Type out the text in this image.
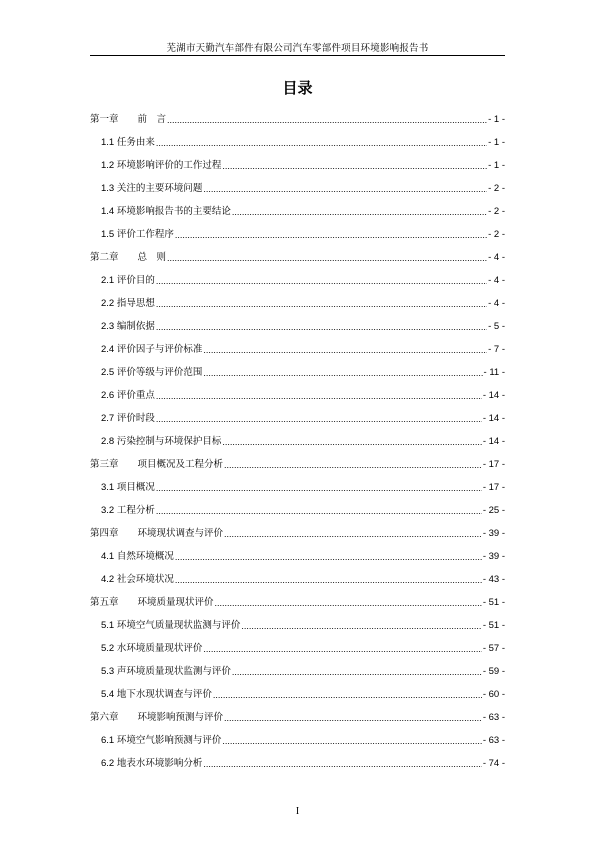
芜湖市天勤汽车部件有限公司汽车零部件项目环境影响报告书
目录
第一章　　前　言 .....	- 1 -
1.1 任务由来 .....	- 1 -
1.2 环境影响评价的工作过程 .....	- 1 -
1.3 关注的主要环境问题 .....	- 2 -
1.4 环境影响报告书的主要结论 .....	- 2 -
1.5 评价工作程序 .....	- 2 -
第二章　　总　则 .....	- 4 -
2.1 评价目的 .....	- 4 -
2.2 指导思想 .....	- 4 -
2.3 编制依据 .....	- 5 -
2.4 评价因子与评价标准 .....	- 7 -
2.5 评价等级与评价范围 .....	- 11 -
2.6 评价重点 .....	- 14 -
2.7 评价时段 .....	- 14 -
2.8 污染控制与环境保护目标 .....	- 14 -
第三章　　项目概况及工程分析 .....	- 17 -
3.1 项目概况 .....	- 17 -
3.2 工程分析 .....	- 25 -
第四章　　环境现状调查与评价 .....	- 39 -
4.1 自然环境概况 .....	- 39 -
4.2 社会环境状况 .....	- 43 -
第五章　　环境质量现状评价 .....	- 51 -
5.1 环境空气质量现状监测与评价 .....	- 51 -
5.2 水环境质量现状评价 .....	- 57 -
5.3 声环境质量现状监测与评价 .....	- 59 -
5.4 地下水现状调查与评价 .....	- 60 -
第六章　　环境影响预测与评价 .....	- 63 -
6.1 环境空气影响预测与评价 .....	- 63 -
6.2 地表水环境影响分析 .....	- 74 -
I
